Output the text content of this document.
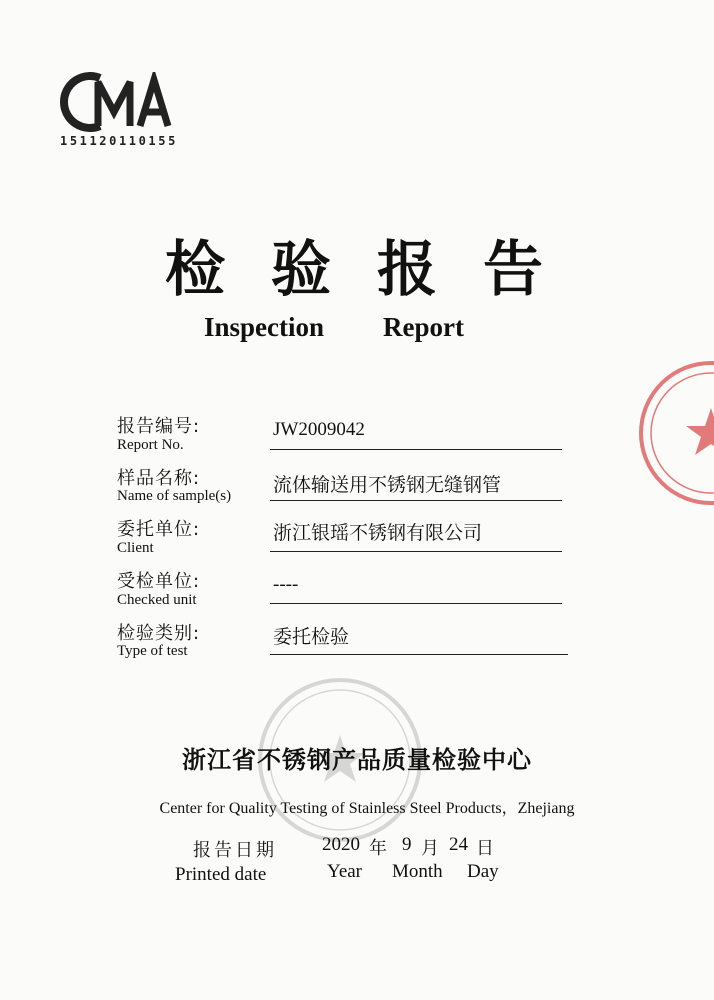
151120110155
检验报告
Inspection Report
报告编号:
Report No.
JW2009042
样品名称:
Name of sample(s) 流体输送用不锈钢无缝钢管
委托单位:
Client
浙江银瑶不锈钢有限公司
受检单位:
Checked unit
----
检验类别:
Type of test
委托检验
浙江省不锈钢产品质量检验中心
Center for Quality Testing of Stainless Steel Products，Zhejiang
报告日期
Printed date
2020 年 9 月 24 日
Year Month Day
